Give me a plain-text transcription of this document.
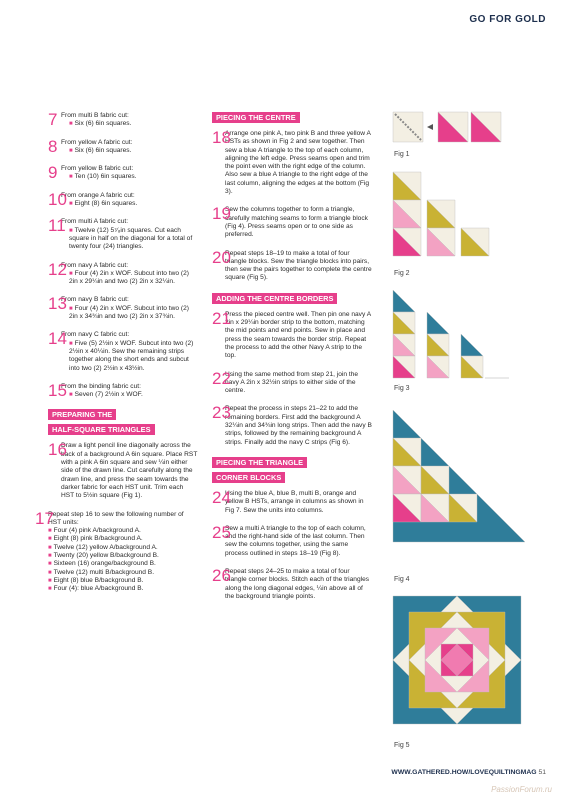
GO FOR GOLD
7 From multi B fabric cut:
■ Six (6) 6in squares.
8 From yellow A fabric cut:
■ Six (6) 6in squares.
9 From yellow B fabric cut:
■ Ten (10) 6in squares.
10
From orange A fabric cut:
■ Eight (8) 6in squares.
11
From multi A fabric cut:
■ Twelve (12) 5⁷⁄₈in squares. Cut each square in half on the diagonal for a total of twenty four (24) triangles.
12
From navy A fabric cut:
■ Four (4) 2in x WOF. Subcut into two (2) 2in x 29¼in and two (2) 2in x 32¼in.
13
From navy B fabric cut:
■ Four (4) 2in x WOF. Subcut into two (2) 2in x 34¾in and two (2) 2in x 37¾in.
14
From navy C fabric cut:
■ Five (5) 2½in x WOF. Subcut into two (2) 2½in x 40¼in. Sew the remaining strips together along the short ends and subcut into two (2) 2½in x 43½in.
15
From the binding fabric cut:
■ Seven (7) 2½in x WOF.
PREPARING THE
HALF-SQUARE TRIANGLES
16
Draw a light pencil line diagonally across the back of a background A 6in square. Place RST with a pink A 6in square and sew ¼in either side of the drawn line. Cut carefully along the drawn line, and press the seam towards the darker fabric for each HST unit. Trim each HST to 5½in square (Fig 1).
17
Repeat step 16 to sew the following number of HST units:
■ Four (4) pink A/background A.
■ Eight (8) pink B/background A.
■ Twelve (12) yellow A/background A.
■ Twenty (20) yellow B/background B.
■ Sixteen (16) orange/background B.
■ Twelve (12) multi B/background B.
■ Eight (8) blue B/background B.
■ Four (4): blue A/background B.
PIECING THE CENTRE
18
Arrange one pink A, two pink B and three yellow A HSTs as shown in Fig 2 and sew together. Then sew a blue A triangle to the top of each column, aligning the left edge. Press seams open and trim the point even with the right edge of the column. Also sew a blue A triangle to the right edge of the last column, aligning the edges at the bottom (Fig 3).
19
Sew the columns together to form a triangle, carefully matching seams to form a triangle block (Fig 4). Press seams open or to one side as preferred.
20
Repeat steps 18–19 to make a total of four triangle blocks. Sew the triangle blocks into pairs, then sew the pairs together to complete the centre square (Fig 5).
ADDING THE CENTRE BORDERS
21
Press the pieced centre well. Then pin one navy A 2in x 29¼in border strip to the bottom, matching the mid points and end points. Sew in place and press the seam towards the border strip. Repeat the process to add the other Navy A strip to the top.
22
Using the same method from step 21, join the navy A 2in x 32½in strips to either side of the centre.
23
Repeat the process in steps 21–22 to add the remaining borders. First add the background A 32¼in and 34¾in long strips. Then add the navy B strips, followed by the remaining background A strips. Finally add the navy C strips (Fig 6).
PIECING THE TRIANGLE
CORNER BLOCKS
24
Using the blue A, blue B, multi B, orange and yellow B HSTs, arrange in columns as shown in Fig 7. Sew the units into columns.
25
Sew a multi A triangle to the top of each column, and the right-hand side of the last column. Then sew the columns together, using the same process outlined in steps 18–19 (Fig 8).
26
Repeat steps 24–25 to make a total of four triangle corner blocks. Stitch each of the triangles along the long diagonal edges, ¼in above all of the background triangle points.
Fig 1
Fig 2
Fig 3
Fig 4
Fig 5
WWW.GATHERED.HOW/LOVEQUILTINGMAG 51
PassionForum.ru
